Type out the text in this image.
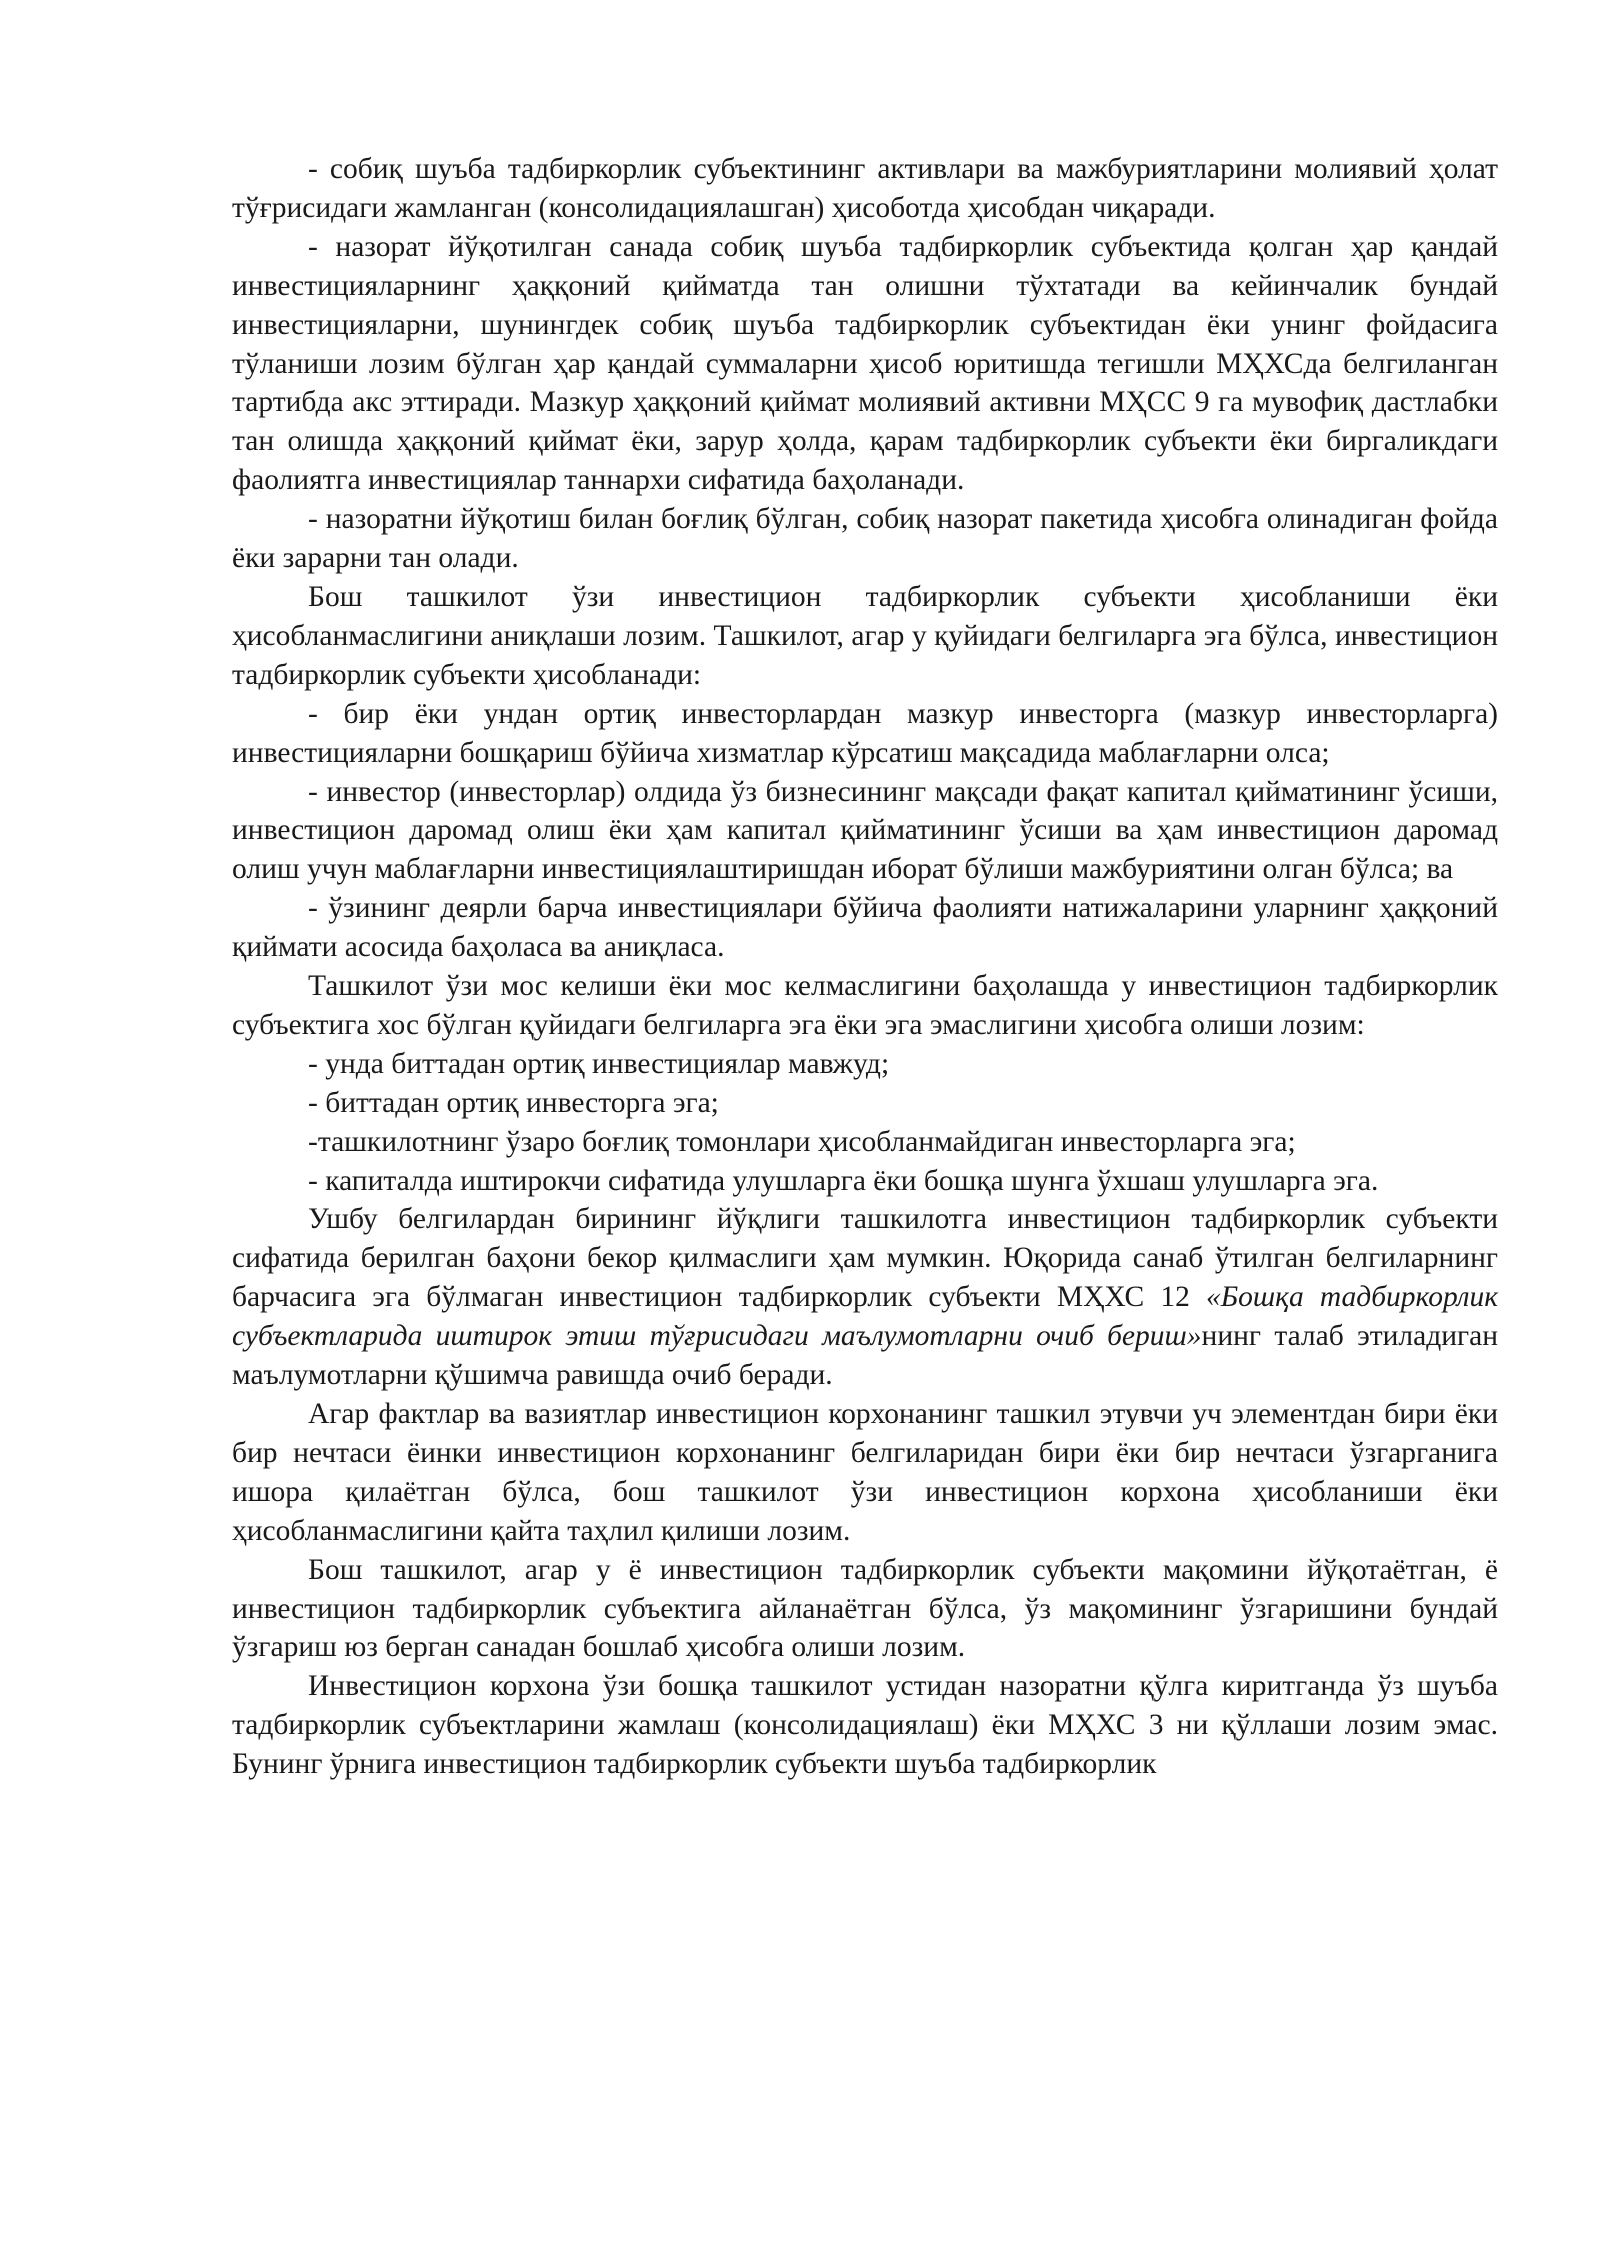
- собиқ шуъба тадбиркорлик субъектининг активлари ва мажбуриятларини молиявий ҳолат тўғрисидаги жамланган (консолидациялашган) ҳисоботда ҳисобдан чиқаради.

- назорат йўқотилган санада собиқ шуъба тадбиркорлик субъектида қолган ҳар қандай инвестицияларнинг ҳаққоний қийматда тан олишни тўхтатади ва кейинчалик бундай инвестицияларни, шунингдек собиқ шуъба тадбиркорлик субъектидан ёки унинг фойдасига тўланиши лозим бўлган ҳар қандай суммаларни ҳисоб юритишда тегишли МҲХСда белгиланган тартибда акс эттиради. Мазкур ҳаққоний қиймат молиявий активни МҲСС 9 га мувофиқ дастлабки тан олишда ҳаққоний қиймат ёки, зарур ҳолда, қарам тадбиркорлик субъекти ёки биргаликдаги фаолиятга инвестициялар таннархи сифатида баҳоланади.

- назоратни йўқотиш билан боғлиқ бўлган, собиқ назорат пакетида ҳисобга олинадиган фойда ёки зарарни тан олади.

Бош ташкилот ўзи инвестицион тадбиркорлик субъекти ҳисобланиши ёки ҳисобланмаслигини аниқлаши лозим. Ташкилот, агар у қуйидаги белгиларга эга бўлса, инвестицион тадбиркорлик субъекти ҳисобланади:

- бир ёки ундан ортиқ инвесторлардан мазкур инвесторга (мазкур инвесторларга) инвестицияларни бошқариш бўйича хизматлар кўрсатиш мақсадида маблағларни олса;

- инвестор (инвесторлар) олдида ўз бизнесининг мақсади фақат капитал қийматининг ўсиши, инвестицион даромад олиш ёки ҳам капитал қийматининг ўсиши ва ҳам инвестицион даромад олиш учун маблағларни инвестициялаштиришдан иборат бўлиши мажбуриятини олган бўлса; ва

- ўзининг деярли барча инвестициялари бўйича фаолияти натижаларини уларнинг ҳаққоний қиймати асосида баҳоласа ва аниқласа.

Ташкилот ўзи мос келиши ёки мос келмаслигини баҳолашда у инвестицион тадбиркорлик субъектига хос бўлган қуйидаги белгиларга эга ёки эга эмаслигини ҳисобга олиши лозим:

- унда биттадан ортиқ инвестициялар мавжуд;

- биттадан ортиқ инвесторга эга;

-ташкилотнинг ўзаро боғлиқ томонлари ҳисобланмайдиган инвесторларга эга;

- капиталда иштирокчи сифатида улушларга ёки бошқа шунга ўхшаш улушларга эга.

Ушбу белгилардан бирининг йўқлиги ташкилотга инвестицион тадбиркорлик субъекти сифатида берилган баҳони бекор қилмаслиги ҳам мумкин. Юқорида санаб ўтилган белгиларнинг барчасига эга бўлмаган инвестицион тадбиркорлик субъекти МҲХС 12 «Бошқа тадбиркорлик субъектларида иштирок этиш тўғрисидаги маълумотларни очиб бериш»нинг талаб этиладиган маълумотларни қўшимча равишда очиб беради.

Агар фактлар ва вазиятлар инвестицион корхонанинг ташкил этувчи уч элементдан бири ёки бир нечтаси ёинки инвестицион корхонанинг белгиларидан бири ёки бир нечтаси ўзгарганига ишора қилаётган бўлса, бош ташкилот ўзи инвестицион корхона ҳисобланиши ёки ҳисобланмаслигини қайта таҳлил қилиши лозим.

Бош ташкилот, агар у ё инвестицион тадбиркорлик субъекти мақомини йўқотаётган, ё инвестицион тадбиркорлик субъектига айланаётган бўлса, ўз мақомининг ўзгаришини бундай ўзгариш юз берган санадан бошлаб ҳисобга олиши лозим.

Инвестицион корхона ўзи бошқа ташкилот устидан назоратни қўлга киритганда ўз шуъба тадбиркорлик субъектларини жамлаш (консолидациялаш) ёки МҲХС 3 ни қўллаши лозим эмас. Бунинг ўрнига инвестицион тадбиркорлик субъекти шуъба тадбиркорлик
